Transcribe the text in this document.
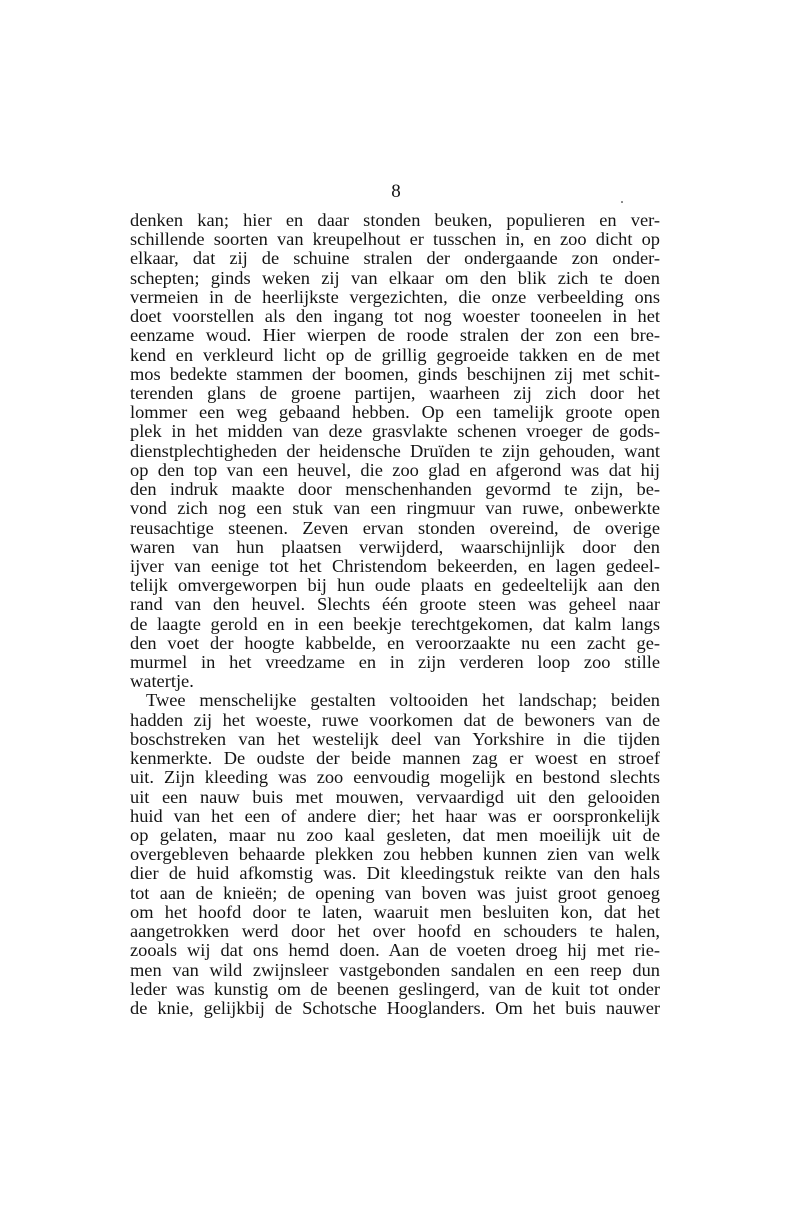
8
denken kan; hier en daar stonden beuken, populieren en ver-
schillende soorten van kreupelhout er tusschen in, en zoo dicht op
elkaar, dat zij de schuine stralen der ondergaande zon onder-
schepten; ginds weken zij van elkaar om den blik zich te doen
vermeien in de heerlijkste vergezichten, die onze verbeelding ons
doet voorstellen als den ingang tot nog woester tooneelen in het
eenzame woud. Hier wierpen de roode stralen der zon een bre-
kend en verkleurd licht op de grillig gegroeide takken en de met
mos bedekte stammen der boomen, ginds beschijnen zij met schit-
terenden glans de groene partijen, waarheen zij zich door het
lommer een weg gebaand hebben. Op een tamelijk groote open
plek in het midden van deze grasvlakte schenen vroeger de gods-
dienstplechtigheden der heidensche Druïden te zijn gehouden, want
op den top van een heuvel, die zoo glad en afgerond was dat hij
den indruk maakte door menschenhanden gevormd te zijn, be-
vond zich nog een stuk van een ringmuur van ruwe, onbewerkte
reusachtige steenen. Zeven ervan stonden overeind, de overige
waren van hun plaatsen verwijderd, waarschijnlijk door den
ijver van eenige tot het Christendom bekeerden, en lagen gedeel-
telijk omvergeworpen bij hun oude plaats en gedeeltelijk aan den
rand van den heuvel. Slechts één groote steen was geheel naar
de laagte gerold en in een beekje terechtgekomen, dat kalm langs
den voet der hoogte kabbelde, en veroorzaakte nu een zacht ge-
murmel in het vreedzame en in zijn verderen loop zoo stille
watertje.
Twee menschelijke gestalten voltooiden het landschap; beiden
hadden zij het woeste, ruwe voorkomen dat de bewoners van de
boschstreken van het westelijk deel van Yorkshire in die tijden
kenmerkte. De oudste der beide mannen zag er woest en stroef
uit. Zijn kleeding was zoo eenvoudig mogelijk en bestond slechts
uit een nauw buis met mouwen, vervaardigd uit den gelooiden
huid van het een of andere dier; het haar was er oorspronkelijk
op gelaten, maar nu zoo kaal gesleten, dat men moeilijk uit de
overgebleven behaarde plekken zou hebben kunnen zien van welk
dier de huid afkomstig was. Dit kleedingstuk reikte van den hals
tot aan de knieën; de opening van boven was juist groot genoeg
om het hoofd door te laten, waaruit men besluiten kon, dat het
aangetrokken werd door het over hoofd en schouders te halen,
zooals wij dat ons hemd doen. Aan de voeten droeg hij met rie-
men van wild zwijnsleer vastgebonden sandalen en een reep dun
leder was kunstig om de beenen geslingerd, van de kuit tot onder
de knie, gelijkbij de Schotsche Hooglanders. Om het buis nauwer
